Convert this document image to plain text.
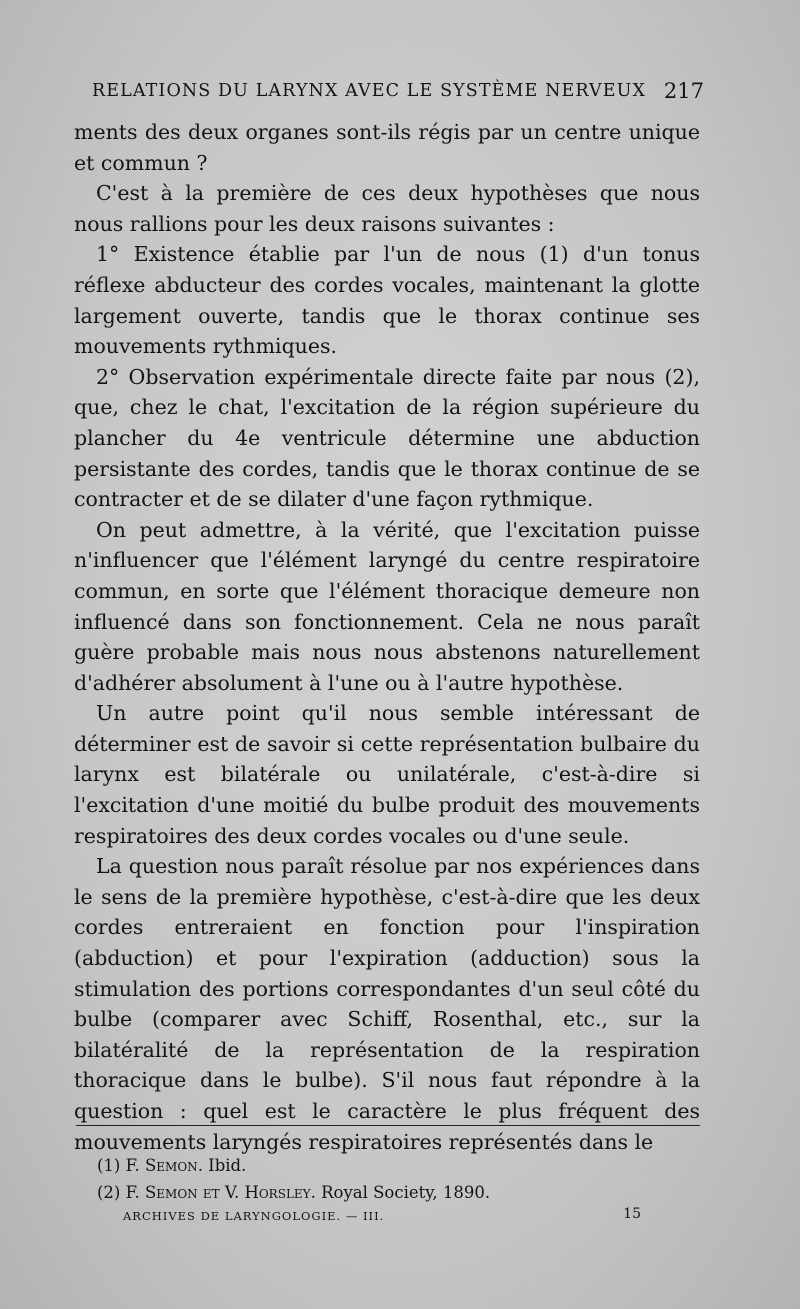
RELATIONS DU LARYNX AVEC LE SYSTÈME NERVEUX 217

ments des deux organes sont-ils régis par un centre unique et commun ?

C'est à la première de ces deux hypothèses que nous nous rallions pour les deux raisons suivantes :

1° Existence établie par l'un de nous (1) d'un tonus réflexe abducteur des cordes vocales, maintenant la glotte largement ouverte, tandis que le thorax continue ses mouvements rythmiques.

2° Observation expérimentale directe faite par nous (2), que, chez le chat, l'excitation de la région supérieure du plancher du 4e ventricule détermine une abduction persistante des cordes, tandis que le thorax continue de se contracter et de se dilater d'une façon rythmique.

On peut admettre, à la vérité, que l'excitation puisse n'influencer que l'élément laryngé du centre respiratoire commun, en sorte que l'élément thoracique demeure non influencé dans son fonctionnement. Cela ne nous paraît guère probable mais nous nous abstenons naturellement d'adhérer absolument à l'une ou à l'autre hypothèse.

Un autre point qu'il nous semble intéressant de déterminer est de savoir si cette représentation bulbaire du larynx est bilatérale ou unilatérale, c'est-à-dire si l'excitation d'une moitié du bulbe produit des mouvements respiratoires des deux cordes vocales ou d'une seule.

La question nous paraît résolue par nos expériences dans le sens de la première hypothèse, c'est-à-dire que les deux cordes entreraient en fonction pour l'inspiration (abduction) et pour l'expiration (adduction) sous la stimulation des portions correspondantes d'un seul côté du bulbe (comparer avec Schiff, Rosenthal, etc., sur la bilatéralité de la représentation de la respiration thoracique dans le bulbe). S'il nous faut répondre à la question : quel est le caractère le plus fréquent des mouvements laryngés respiratoires représentés dans le

(1) F. Semon. Ibid.
(2) F. Semon et V. Horsley. Royal Society, 1890.
ARCHIVES DE LARYNGOLOGIE. — III.	15
